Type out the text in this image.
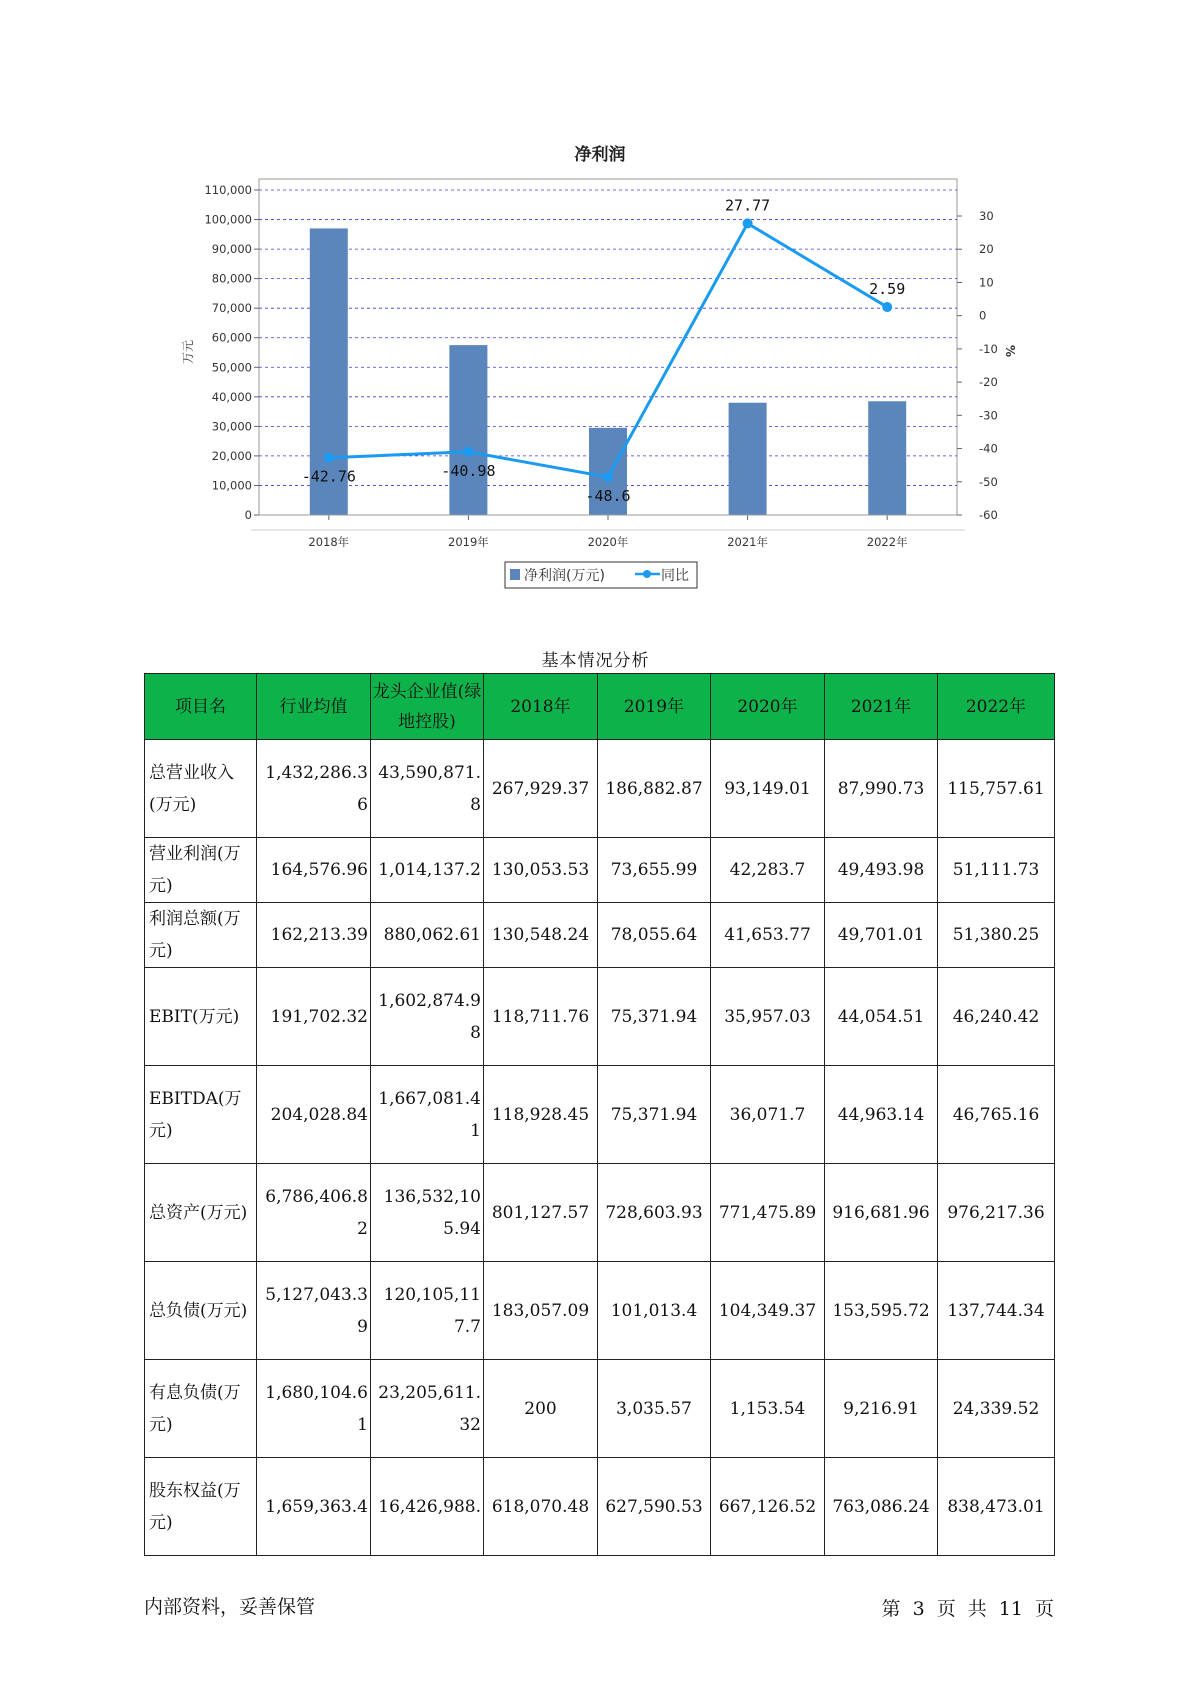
净利润
0
10,000
20,000
30,000
40,000
50,000
60,000
70,000
80,000
90,000
100,000
110,000
-60
-50
-40
-30
-20
-10
0
10
20
30
2018年	2019年	2020年	2021年	2022年
-42.76	-40.98
-48.6
27.77
2.59
万元	%
净利润(万元)	同比
基本情况分析
项目名	行业均值	龙头企业值(绿地控股)	2018年	2019年	2020年	2021年	2022年
总营业收入(万元)	1,432,286.36	43,590,871.8	267,929.37	186,882.87	93,149.01	87,990.73	115,757.61
营业利润(万元)	164,576.96	1,014,137.2	130,053.53	73,655.99	42,283.7	49,493.98	51,111.73
利润总额(万元)	162,213.39	880,062.61	130,548.24	78,055.64	41,653.77	49,701.01	51,380.25
EBIT(万元)	191,702.32	1,602,874.98	118,711.76	75,371.94	35,957.03	44,054.51	46,240.42
EBITDA(万元)	204,028.84	1,667,081.41	118,928.45	75,371.94	36,071.7	44,963.14	46,765.16
总资产(万元)	6,786,406.82	136,532,105.94	801,127.57	728,603.93	771,475.89	916,681.96	976,217.36
总负债(万元)	5,127,043.39	120,105,117.7	183,057.09	101,013.4	104,349.37	153,595.72	137,744.34
有息负债(万元)	1,680,104.61	23,205,611.32	200	3,035.57	1,153.54	9,216.91	24,339.52
股东权益(万元)	1,659,363.4	16,426,988.	618,070.48	627,590.53	667,126.52	763,086.24	838,473.01
内部资料，妥善保管	第 3 页 共 11 页
